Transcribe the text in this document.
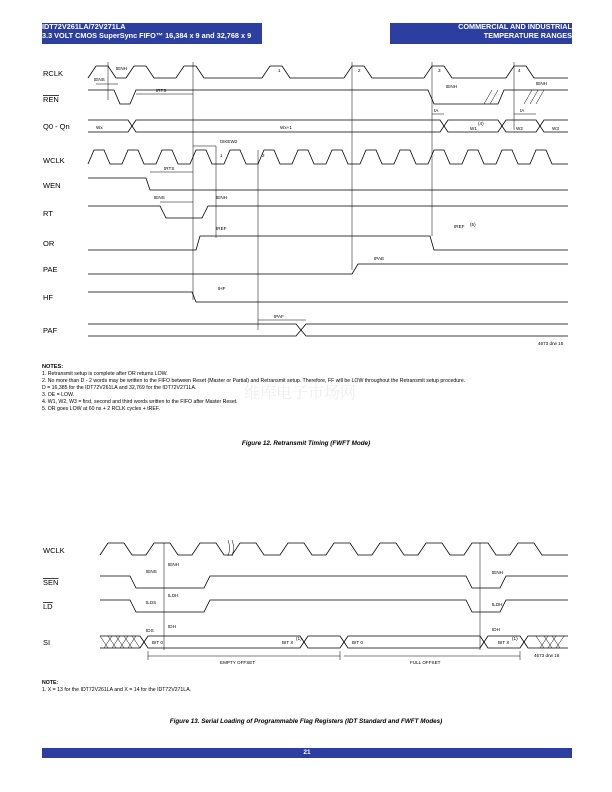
IDT72V261LA/72V271LA
3.3 VOLT CMOS SuperSync FIFO™ 16,384 x 9 and 32,768 x 9
COMMERCIAL AND INDUSTRIAL
TEMPERATURE RANGES
RCLK
REN
Q0 - Qn
WCLK
WEN
RT
OR
PAE
HF
PAF
tENS
tENH
tRTS
tRTS
tENS	tENH
tSKEW2
tREF
tENH
tENH
tA	tA
tREF (5)
tPAE
tHF
tPAF
Wx	Wx+1	W1
(4)
W2	W3
1	2	3	4
1	2
4673 drw 15
维库电子市场网
WCLK
SEN
LD
SI
tENS
tENH
tLDS
tLDH
tDS
tDH
tENH
tLDH
tDH
BIT 0	BIT X
(1)
BIT 0	BIT X
(1)
EMPTY OFFSET	FULL OFFSET
4673 drw 16
NOTES:
1. Retransmit setup is complete after OR returns LOW.
2. No more than D - 2 words may be written to the FIFO between Reset (Master or Partial) and Retransmit setup. Therefore, FF will be LOW throughout the Retransmit setup procedure.
D = 16,385 for the IDT72V261LA and 32,769 for the IDT72V271LA.
3. OE = LOW.
4. W1, W2, W3 = first, second and third words written to the FIFO after Master Reset.
5. OR goes LOW at 60 ns + 2 RCLK cycles + tREF.
Figure 12. Retransmit Timing (FWFT Mode)
NOTE:
1. X = 13 for the IDT72V261LA and X = 14 for the IDT72V271LA.
Figure 13. Serial Loading of Programmable Flag Registers (IDT Standard and FWFT Modes)
21
